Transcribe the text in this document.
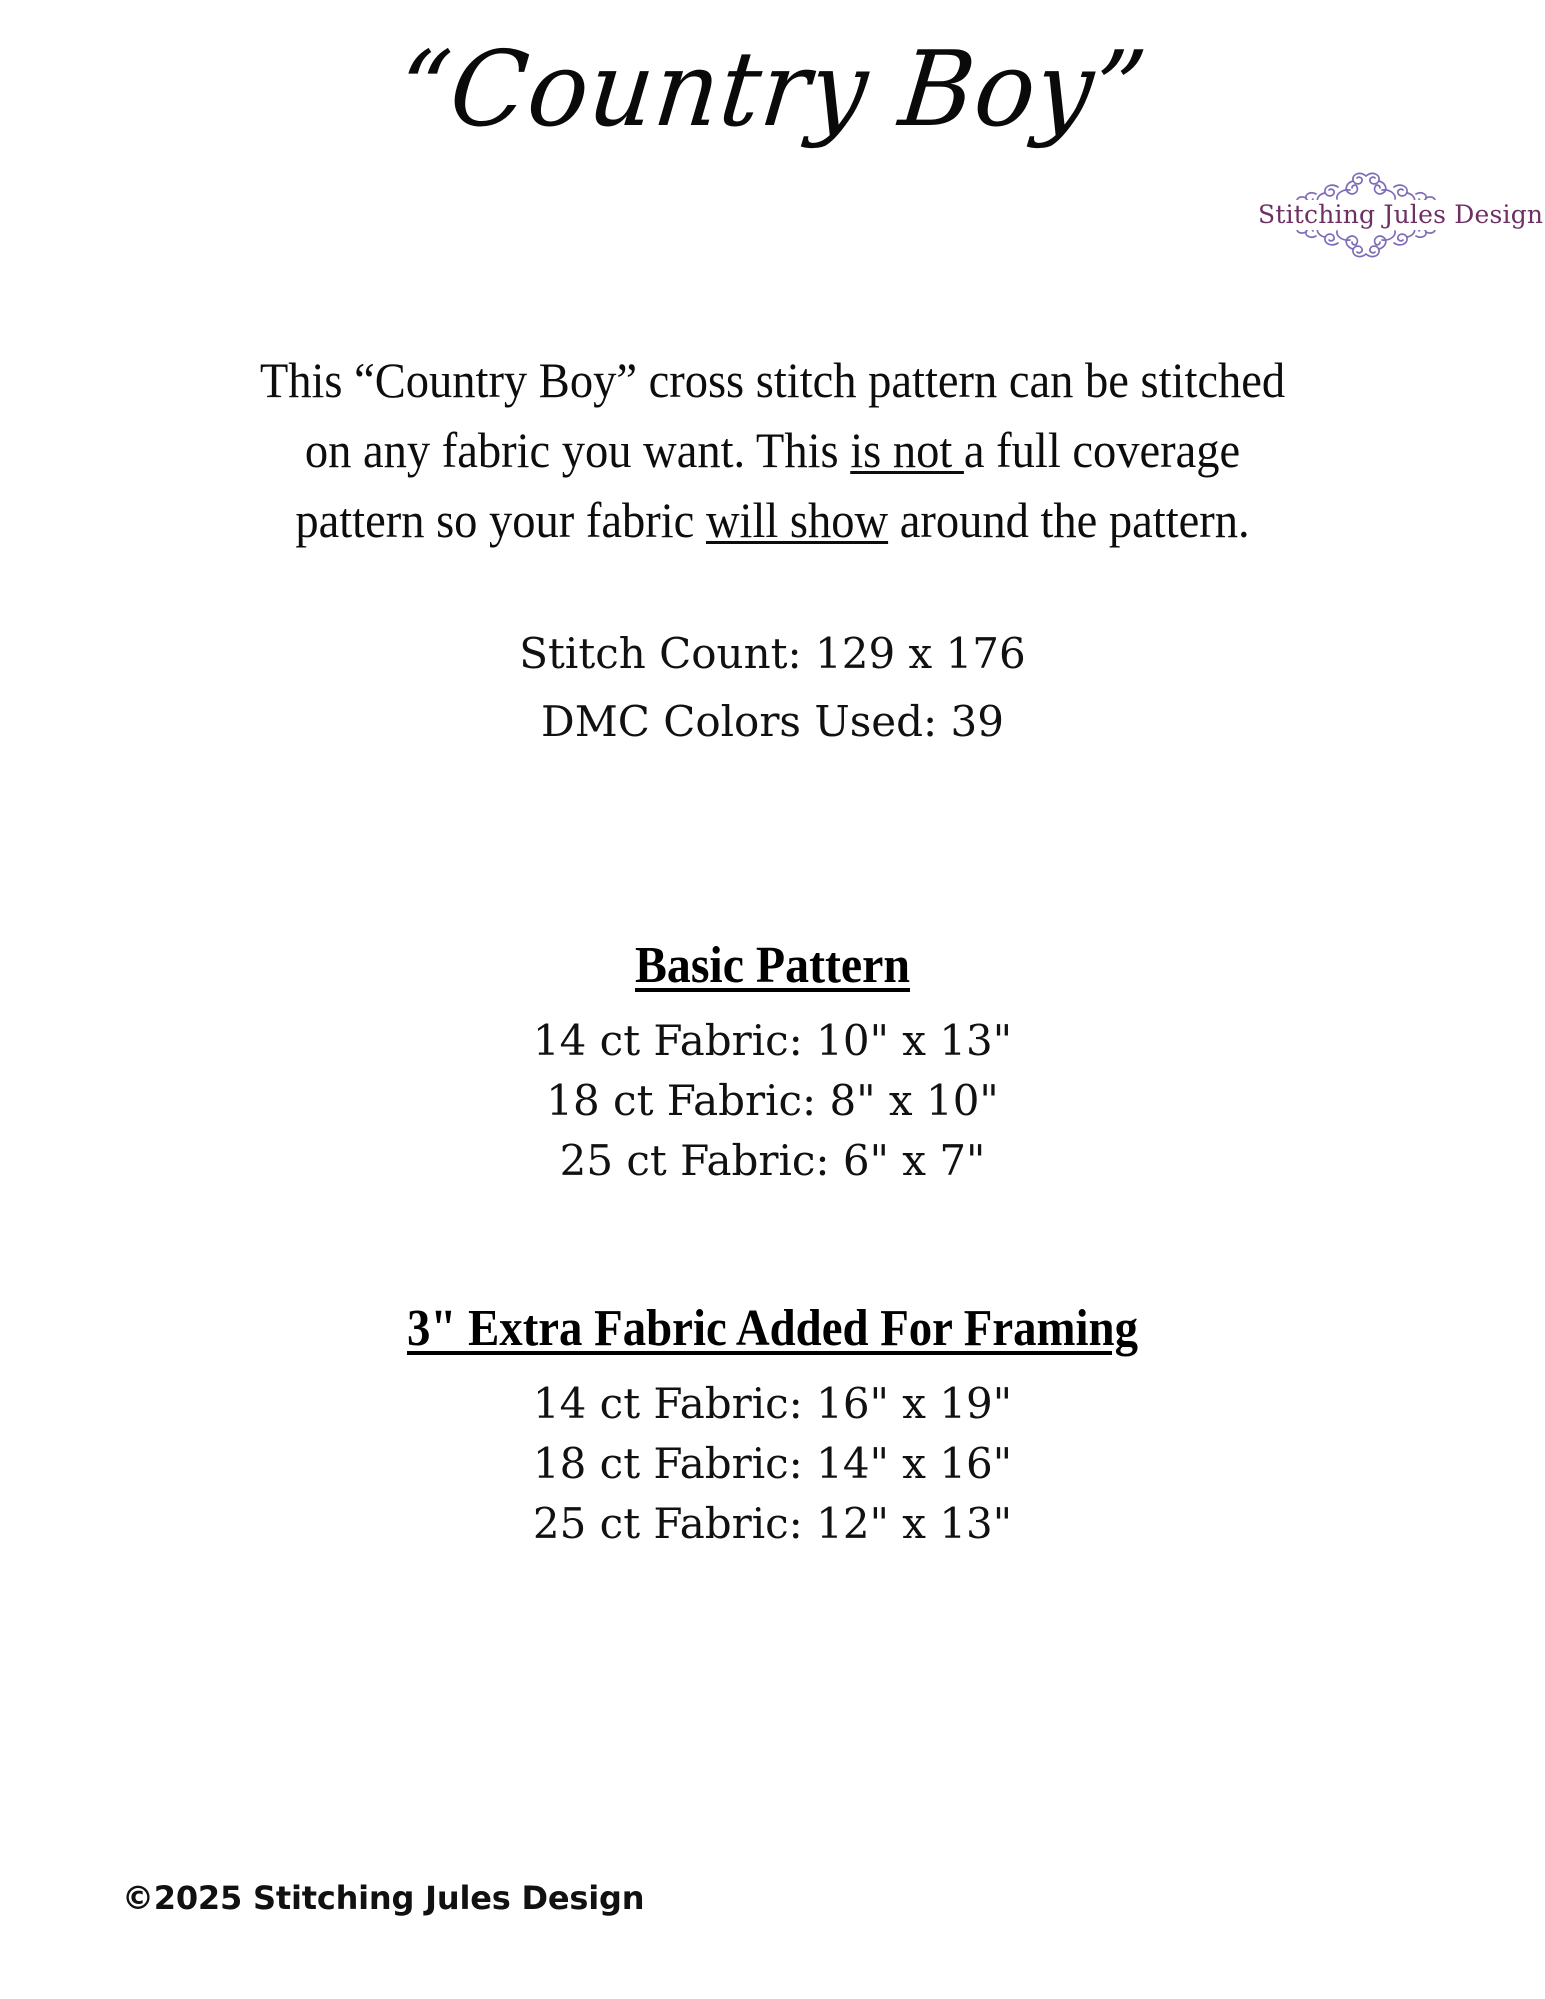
“Country Boy”
Stitching Jules Design
This “Country Boy” cross stitch pattern can be stitched
on any fabric you want. This is not a full coverage
pattern so your fabric will show around the pattern.
Stitch Count: 129 x 176
DMC Colors Used: 39
Basic Pattern
14 ct Fabric: 10" x 13"
18 ct Fabric: 8" x 10"
25 ct Fabric: 6" x 7"
3" Extra Fabric Added For Framing
14 ct Fabric: 16" x 19"
18 ct Fabric: 14" x 16"
25 ct Fabric: 12" x 13"
©2025 Stitching Jules Design
